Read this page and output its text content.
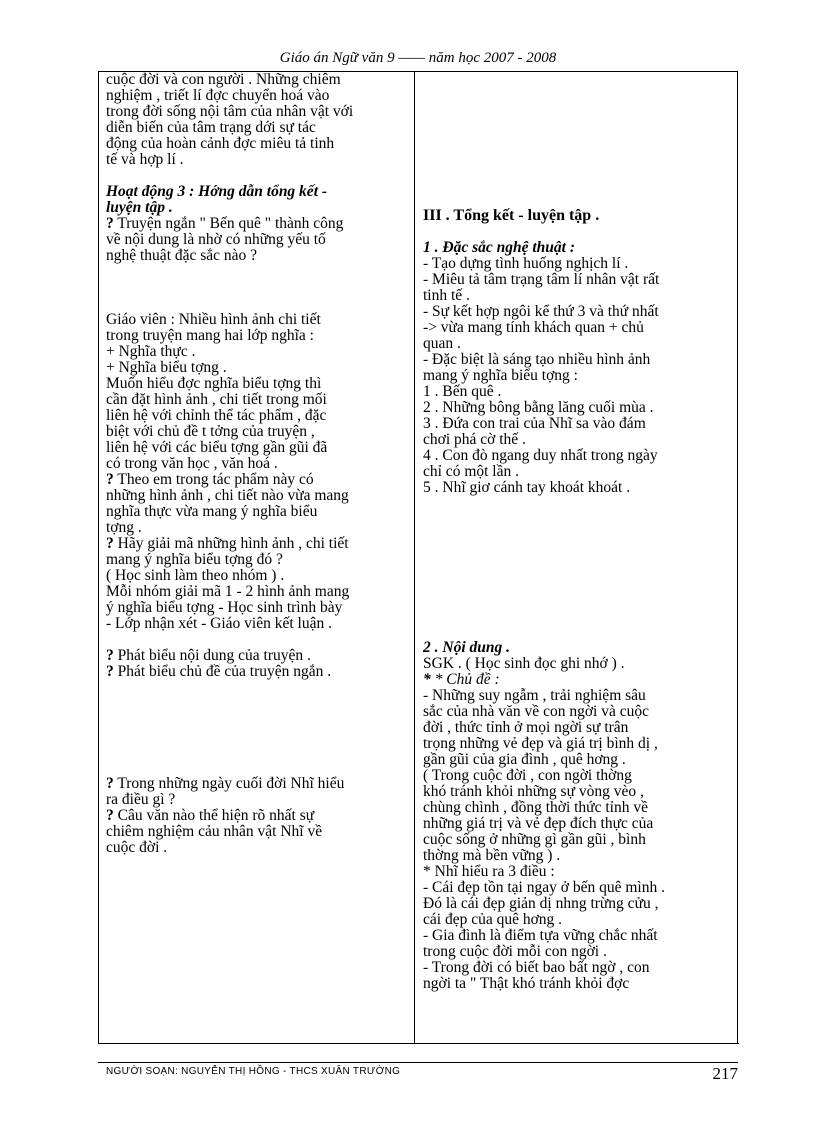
Giáo án Ngữ văn 9 —— năm học 2007 - 2008

cuộc đời và con người . Những chiêm

nghiệm , triết lí đợc chuyển hoá vào

trong đời sống nội tâm của nhân vật với

diễn biến của tâm trạng dới sự tác

động của hoàn cảnh đợc miêu tả tinh

tế và hợp lí .

Hoạt động 3 : Hớng dẫn tổng kết -

luyện tập .

? Truyện ngắn " Bến quê " thành công

về nội dung là nhờ có những yếu tố

nghệ thuật đặc sắc nào ?

Giáo viên : Nhiều hình ảnh chi tiết

trong truyện mang hai lớp nghĩa :

+ Nghĩa thực .

+ Nghĩa biểu tợng .

Muốn hiểu đợc nghĩa biểu tợng thì

cần đặt hình ảnh , chi tiết trong mối

liên hệ với chỉnh thể tác phẩm , đặc

biệt với chủ đề t tởng của truyện ,

liên hệ với các biểu tợng gần gũi đã

có trong văn học , văn hoá .

? Theo em trong tác phẩm này có

những hình ảnh , chi tiết nào vừa mang

nghĩa thực vừa mang ý nghĩa biểu

tợng .

? Hãy giải mã những hình ảnh , chi tiết

mang ý nghĩa biểu tợng đó ?

( Học sinh làm theo nhóm ) .

Mỗi nhóm giải mã 1 - 2 hình ảnh mang

ý nghĩa biểu tợng - Học sinh trình bày

- Lớp nhận xét - Giáo viên kết luận .

? Phát biểu nội dung của truyện .

? Phát biểu chủ đề của truyện ngắn .

? Trong những ngày cuối đời Nhĩ hiểu

ra điều gì ?

? Câu văn nào thể hiện rõ nhất sự

chiêm nghiệm cảu nhân vật Nhĩ về

cuộc đời .

III . Tổng kết - luyện tập .

1 . Đặc sắc nghệ thuật :

- Tạo dựng tình huống nghịch lí .

- Miêu tả tâm trạng tâm lí nhân vật rất

tinh tế .

- Sự kết hợp ngôi kể thứ 3 và thứ nhất

-> vừa mang tính khách quan + chủ

quan .

- Đặc biệt là sáng tạo nhiều hình ảnh

mang ý nghĩa biểu tợng :

1 . Bến quê .

2 . Những bông bằng lăng cuối mùa .

3 . Đứa con trai của Nhĩ sa vào đám

chơi phá cờ thế .

4 . Con đò ngang duy nhất trong ngày

chỉ có một lần .

5 . Nhĩ giơ cánh tay khoát khoát .

2 . Nội dung .

SGK . ( Học sinh đọc ghi nhớ ) .

* * Chủ đề :

- Những suy ngẫm , trải nghiệm sâu

sắc của nhà văn về con ngời và cuộc

đời , thức tỉnh ở mọi ngời sự trân

trọng những vẻ đẹp và giá trị bình dị ,

gần gũi của gia đình , quê hơng .

( Trong cuộc đời , con ngời thờng

khó tránh khỏi những sự vòng vèo ,

chùng chình , đồng thời thức tỉnh về

những giá trị và vẻ đẹp đích thực của

cuộc sống ở những gì gần gũi , bình

thờng mà bền vững ) .

* Nhĩ hiểu ra 3 điều :

- Cái đẹp tồn tại ngay ở bến quê mình .

Đó là cái đẹp giản dị nhng trừng cửu ,

cái đẹp của quê hơng .

- Gia đình là điểm tựa vững chắc nhất

trong cuộc đời mỗi con ngời .

- Trong đời có biết bao bất ngờ , con

ngời ta " Thật khó tránh khỏi đợc

NGƯỜI SOẠN: NGUYỄN THỊ HỒNG - THCS XUÂN TRƯỜNG	217
